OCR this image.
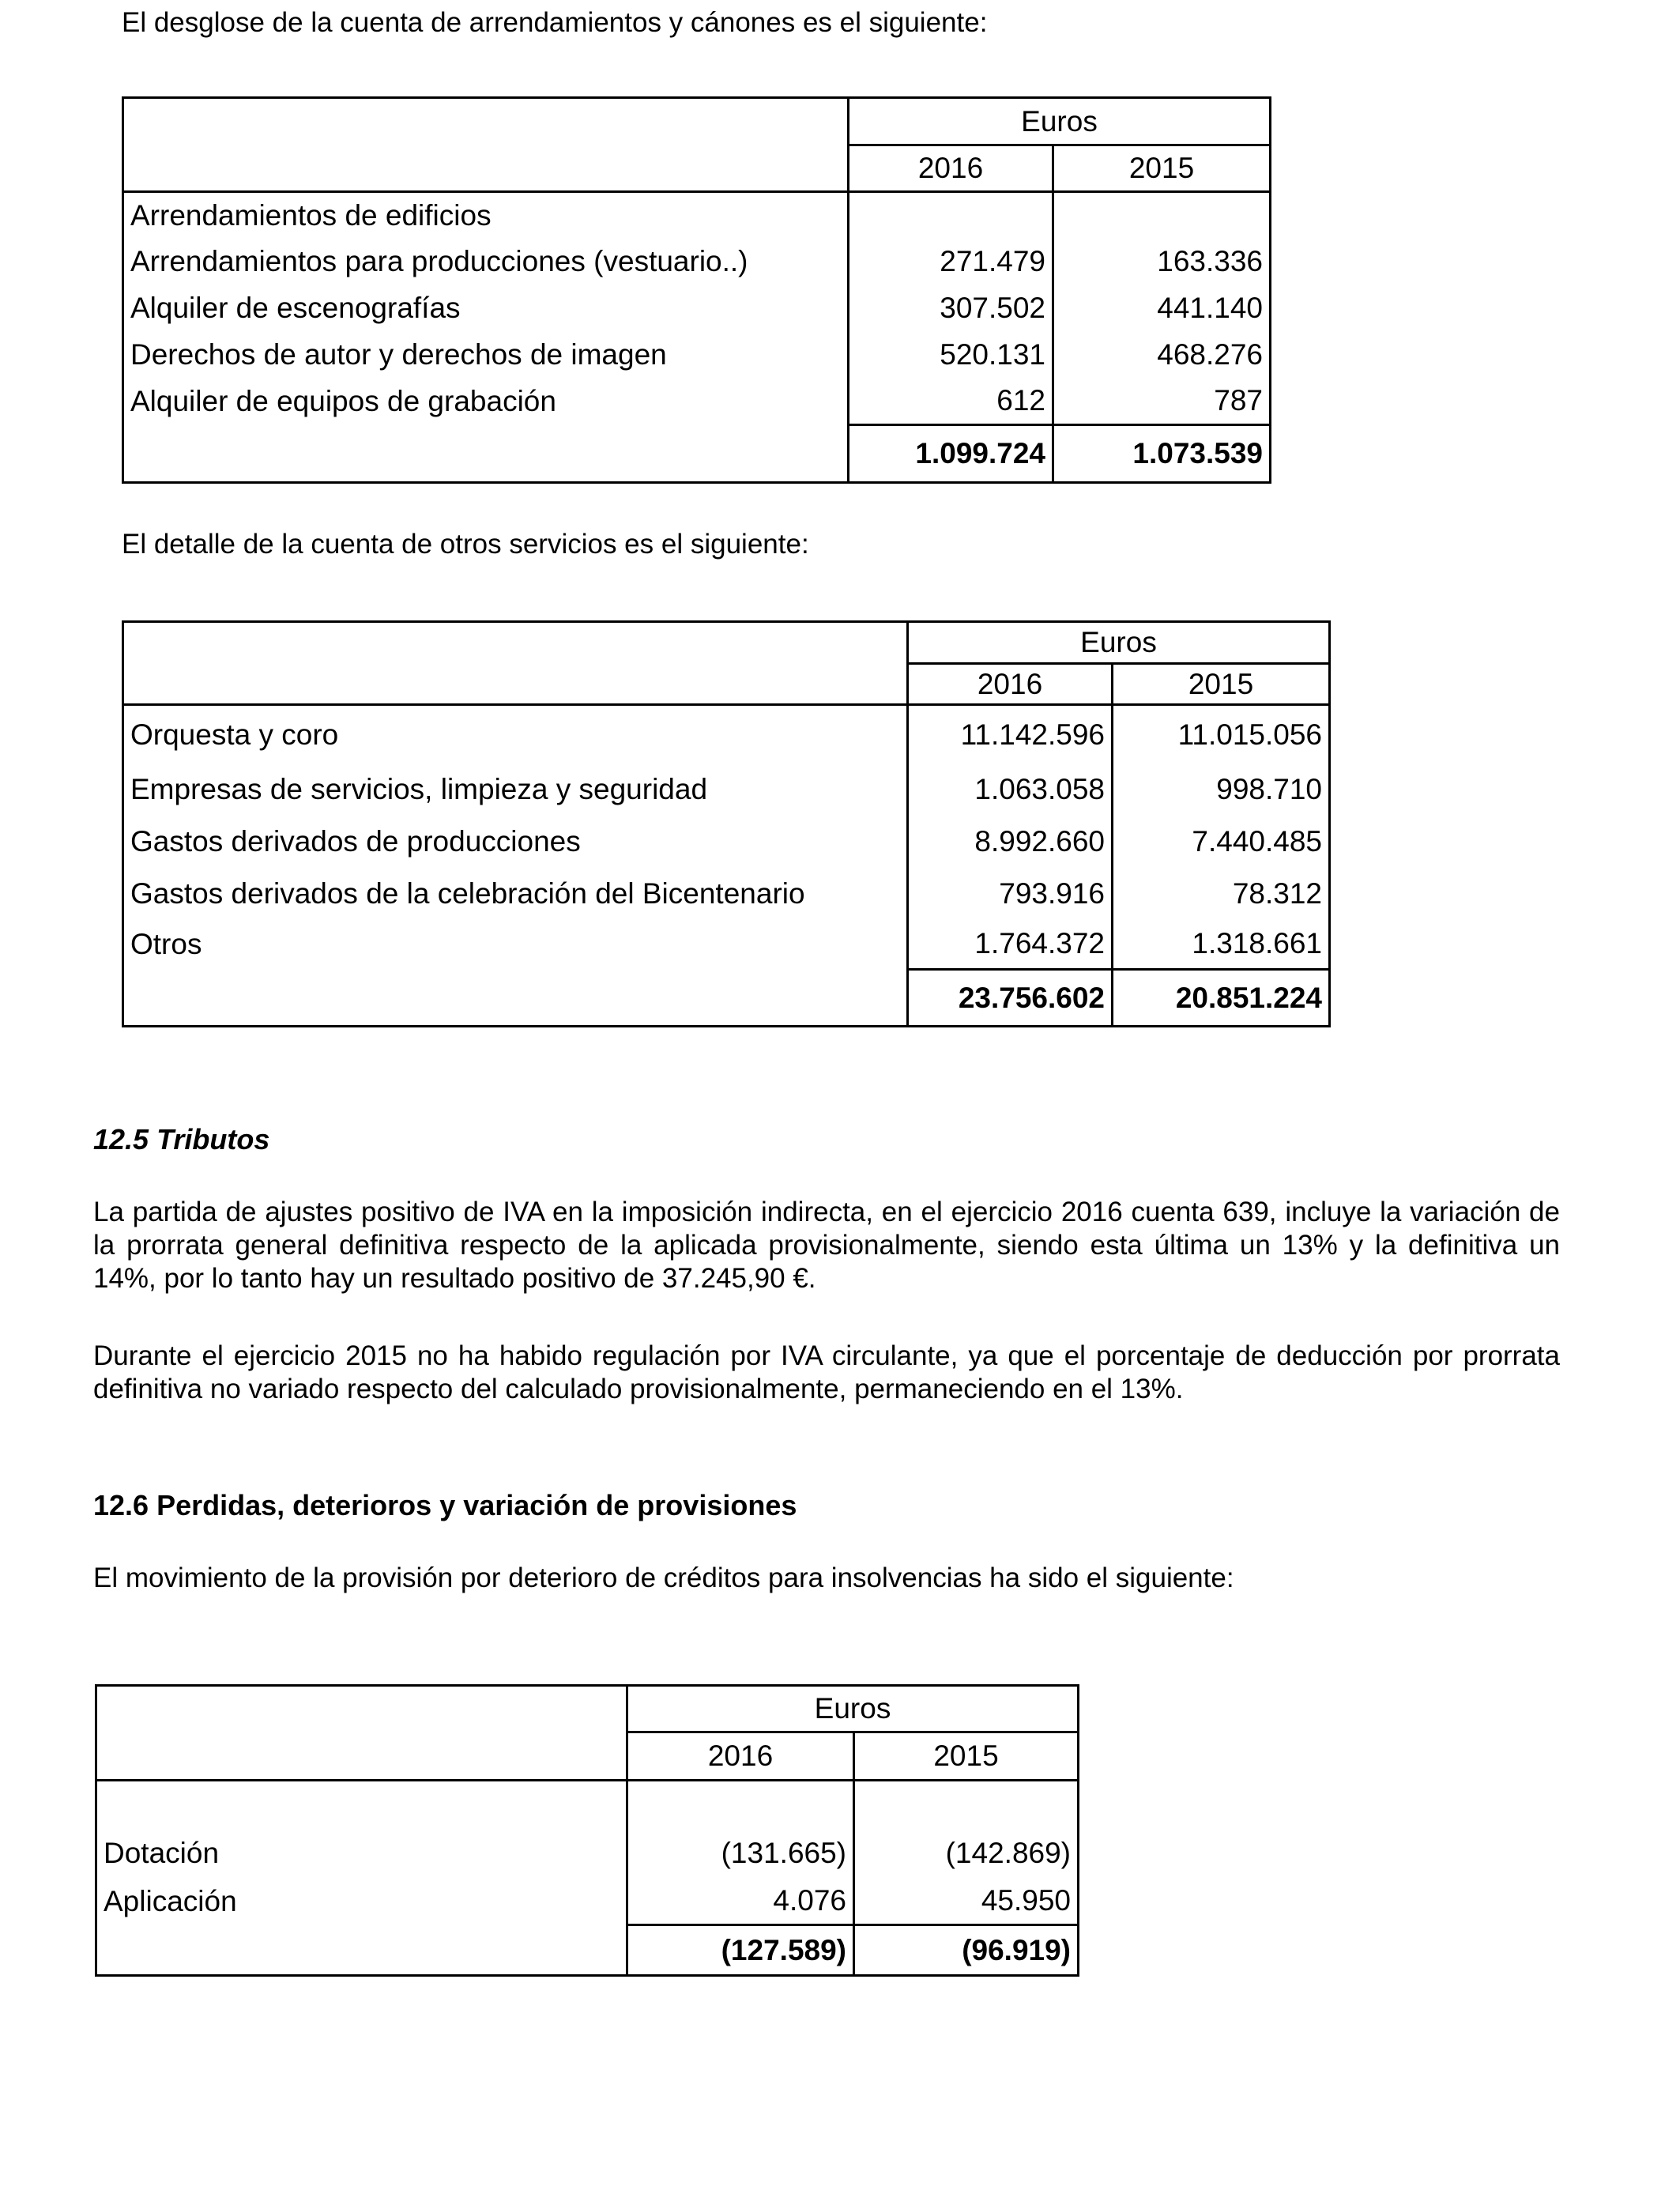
El desglose de la cuenta de arrendamientos y cánones es el siguiente:

	Euros	
	2016	2015
Arrendamientos de edificios		
Arrendamientos para producciones (vestuario..)	271.479	163.336
Alquiler de escenografías	307.502	441.140
Derechos de autor y derechos de imagen	520.131	468.276
Alquiler de equipos de grabación	612	787
	1.099.724	1.073.539

El detalle de la cuenta de otros servicios es el siguiente:

	Euros	
	2016	2015
Orquesta y coro	11.142.596	11.015.056
Empresas de servicios, limpieza y seguridad	1.063.058	998.710
Gastos derivados de producciones	8.992.660	7.440.485
Gastos derivados de la celebración del Bicentenario	793.916	78.312
Otros	1.764.372	1.318.661
	23.756.602	20.851.224

12.5 Tributos

La partida de ajustes positivo de IVA en la imposición indirecta, en el ejercicio 2016 cuenta 639, incluye la variación de la prorrata general definitiva respecto de la aplicada provisionalmente, siendo esta última un 13% y la definitiva un 14%, por lo tanto hay un resultado positivo de 37.245,90 €.

Durante el ejercicio 2015 no ha habido regulación por IVA circulante, ya que el porcentaje de deducción por prorrata definitiva no variado respecto del calculado provisionalmente, permaneciendo en el 13%.

12.6 Perdidas, deterioros y variación de provisiones

El movimiento de la provisión por deterioro de créditos para insolvencias ha sido el siguiente:

	Euros	
	2016	2015

Dotación	(131.665)	(142.869)
Aplicación	4.076	45.950
	(127.589)	(96.919)
